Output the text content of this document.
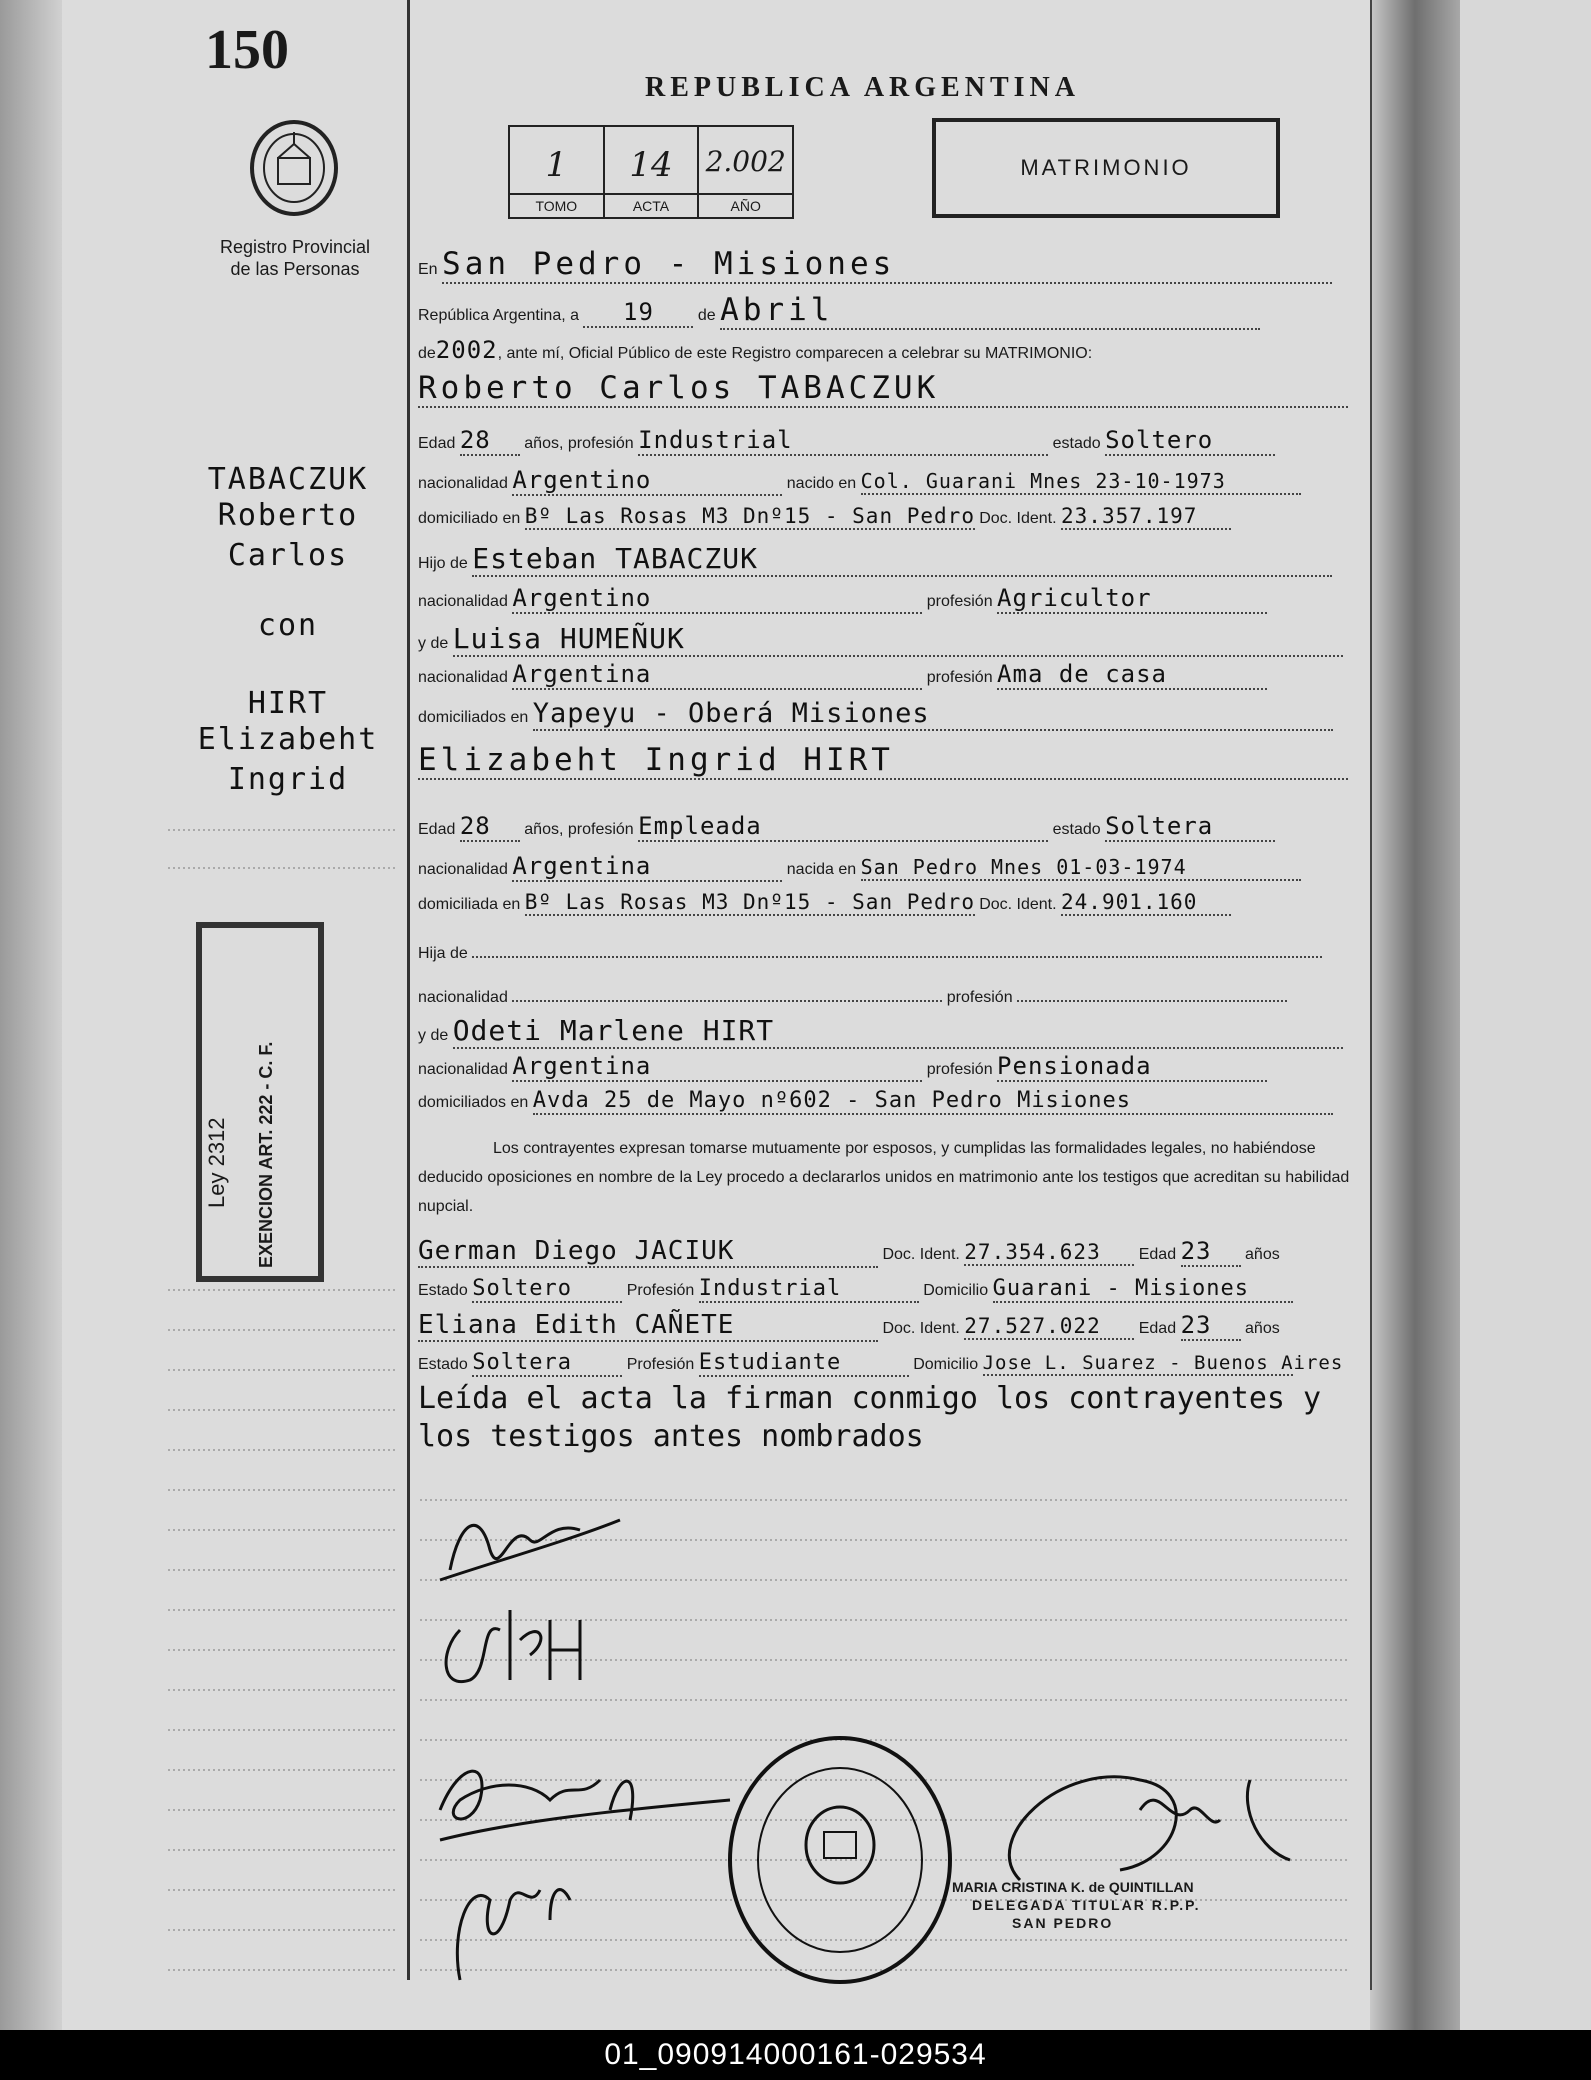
150
Registro Provincial
de las Personas
REPUBLICA ARGENTINA
1
TOMO
14
ACTA
2.002
AÑO
MATRIMONIO
TABACZUK
Roberto
Carlos
con
HIRT
Elizabeht
Ingrid
Ley 2312 EXENCION ART. 222 - C. F.
En San Pedro - Misiones
República Argentina, a 19	de Abril
de2002, ante mí, Oficial Público de este Registro comparecen a celebrar su MATRIMONIO:
Roberto Carlos TABACZUK
Edad 28 años, profesión Industrial	estado Soltero
nacionalidad Argentino	nacido en Col. Guarani Mnes 23-10-1973
domiciliado en Bº Las Rosas M3 Dnº15 - San Pedro Doc. Ident. 23.357.197
Hijo de Esteban TABACZUK
nacionalidad Argentino	profesión Agricultor
y de Luisa HUMEÑUK
nacionalidad Argentina	profesión Ama de casa
domiciliados en Yapeyu - Oberá Misiones
Elizabeht Ingrid HIRT
Edad 28 años, profesión Empleada	estado Soltera
nacionalidad Argentina	nacida en San Pedro Mnes 01-03-1974
domiciliada en Bº Las Rosas M3 Dnº15 - San Pedro Doc. Ident. 24.901.160
Hija de
nacionalidad	profesión
y de Odeti Marlene HIRT
nacionalidad Argentina	profesión Pensionada
domiciliados en Avda 25 de Mayo nº602 - San Pedro Misiones
Los contrayentes expresan tomarse mutuamente por esposos, y cumplidas las formalidades legales, no habiéndose deducido oposiciones en nombre de la Ley procedo a declararlos unidos en matrimonio ante los testigos que acreditan su habilidad nupcial.
German Diego JACIUK	Doc. Ident. 27.354.623 Edad 23 años
Estado Soltero	Profesión Industrial	Domicilio Guarani - Misiones
Eliana Edith CAÑETE	Doc. Ident. 27.527.022 Edad 23 años
Estado Soltera	Profesión Estudiante	Domicilio Jose L. Suarez - Buenos Aires
Leída el acta la firman conmigo los contrayentes y los testigos antes nombrados
MARIA CRISTINA K. de QUINTILLAN
DELEGADA TITULAR R.P.P.
SAN PEDRO
01_090914000161-029534
